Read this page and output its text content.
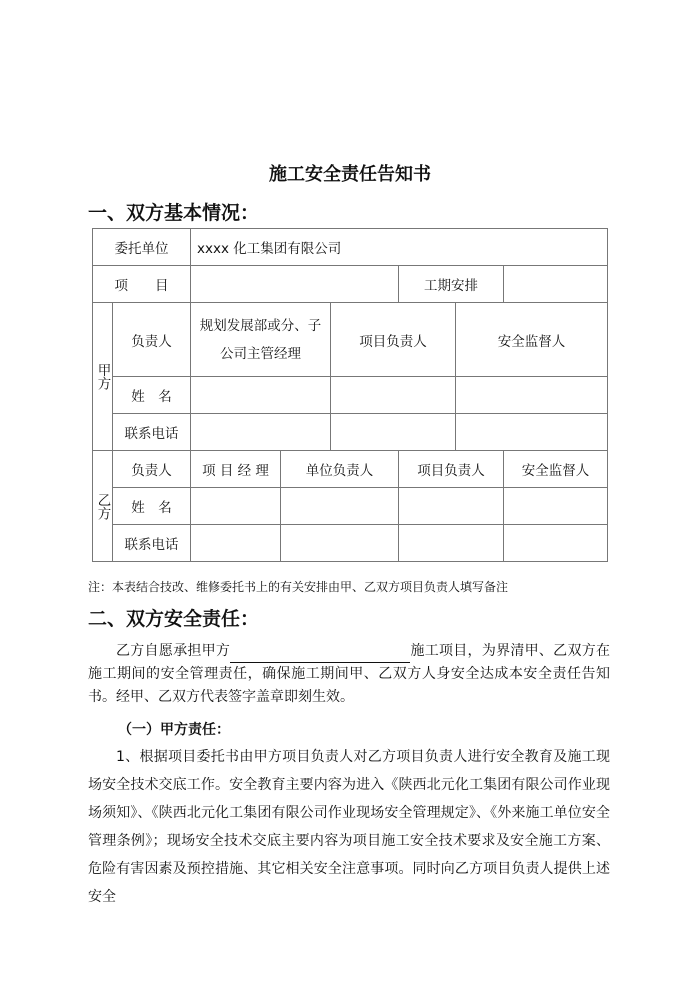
施工安全责任告知书
一、双方基本情况：
委托单位		xxxx 化工集团有限公司					
项　　目					工期安排		
甲方	负责人	规划发展部或分、子公司主管经理		项目负责人		安全监督人	
	姓　名						
	联系电话						
乙方	负责人	项 目 经 理	单位负责人		项目负责人		安全监督人
	姓　名						
	联系电话						
注：本表结合技改、维修委托书上的有关安排由甲、乙双方项目负责人填写备注
二、双方安全责任：
乙方自愿承担甲方	施工项目，为界清甲、乙双方在施工期间的安全管理责任，确保施工期间甲、乙双方人身安全达成本安全责任告知书。经甲、乙双方代表签字盖章即刻生效。
（一）甲方责任：
1、根据项目委托书由甲方项目负责人对乙方项目负责人进行安全教育及施工现场安全技术交底工作。安全教育主要内容为进入《陕西北元化工集团有限公司作业现场须知》、《陕西北元化工集团有限公司作业现场安全管理规定》、《外来施工单位安全管理条例》；现场安全技术交底主要内容为项目施工安全技术要求及安全施工方案、危险有害因素及预控措施、其它相关安全注意事项。同时向乙方项目负责人提供上述安全
